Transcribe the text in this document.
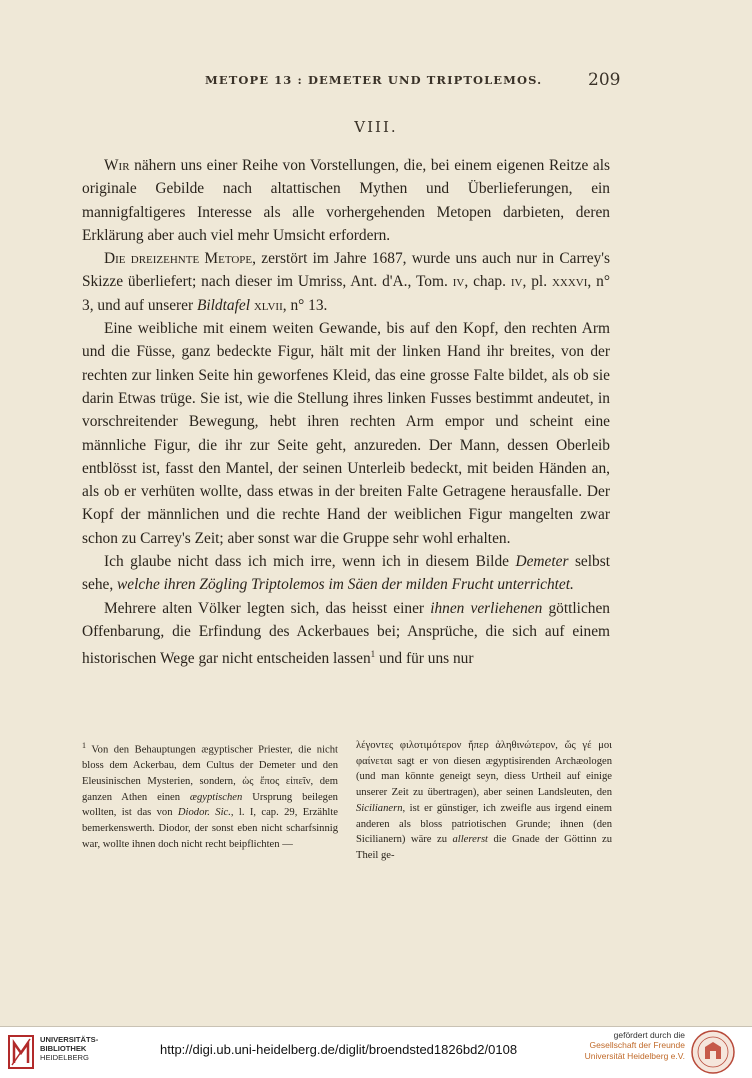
METOPE 13 : DEMETER UND TRIPTOLEMOS.	209
VIII.

Wir nähern uns einer Reihe von Vorstellungen, die, bei einem eigenen Reitze als originale Gebilde nach altattischen Mythen und Überlieferungen, ein mannigfaltigeres Interesse als alle vorhergehenden Metopen darbieten, deren Erklärung aber auch viel mehr Umsicht erfordern.

Die dreizehnte Metope, zerstört im Jahre 1687, wurde uns auch nur in Carrey's Skizze überliefert; nach dieser im Umriss, Ant. d'A., Tom. iv, chap. iv, pl. xxxvi, n° 3, und auf unserer Bildtafel xlvii, n° 13.

Eine weibliche mit einem weiten Gewande, bis auf den Kopf, den rechten Arm und die Füsse, ganz bedeckte Figur, hält mit der linken Hand ihr breites, von der rechten zur linken Seite hin geworfenes Kleid, das eine grosse Falte bildet, als ob sie darin Etwas trüge. Sie ist, wie die Stellung ihres linken Fusses bestimmt andeutet, in vorschreitender Bewegung, hebt ihren rechten Arm empor und scheint eine männliche Figur, die ihr zur Seite geht, anzureden. Der Mann, dessen Oberleib entblösst ist, fasst den Mantel, der seinen Unterleib bedeckt, mit beiden Händen an, als ob er verhüten wollte, dass etwas in der breiten Falte Getragene herausfalle. Der Kopf der männlichen und die rechte Hand der weiblichen Figur mangelten zwar schon zu Carrey's Zeit; aber sonst war die Gruppe sehr wohl erhalten.

Ich glaube nicht dass ich mich irre, wenn ich in diesem Bilde Demeter selbst sehe, welche ihren Zögling Triptolemos im Säen der milden Frucht unterrichtet.

Mehrere alten Völker legten sich, das heisst einer ihnen verliehenen göttlichen Offenbarung, die Erfindung des Ackerbaues bei; Ansprüche, die sich auf einem historischen Wege gar nicht entscheiden lassen$^1$ und für uns nur

$^1$ Von den Behauptungen ægyptischer Priester, die nicht bloss dem Ackerbau, dem Cultus der Demeter und den Eleusinischen Mysterien, sondern, ὡς ἔπος εἰπεῖν, dem ganzen Athen einen ægyptischen Ursprung beilegen wollten, ist das von Diodor. Sic., l. I, cap. 29, Erzählte bemerkenswerth. Diodor, der sonst eben nicht scharfsinnig war, wollte ihnen doch nicht recht beipflichten —

λέγοντες φιλοτιμότερον ἤπερ ἀληθινώτερον, ὥς γέ μοι φαίνεται sagt er von diesen ægyptisirenden Archæologen (und man könnte geneigt seyn, diess Urtheil auf einige unserer Zeit zu übertragen), aber seinen Landsleuten, den Sicilianern, ist er günstiger, ich zweifle aus irgend einem anderen als bloss patriotischen Grunde; ihnen (den Sicilianern) wäre zu allererst die Gnade der Göttinn zu Theil ge-

UNIVERSITÄTS-
BIBLIOTHEK
HEIDELBERG
http://digi.ub.uni-heidelberg.de/diglit/broendsted1826bd2/0108
gefördert durch die
Gesellschaft der Freunde
Universität Heidelberg e.V.
